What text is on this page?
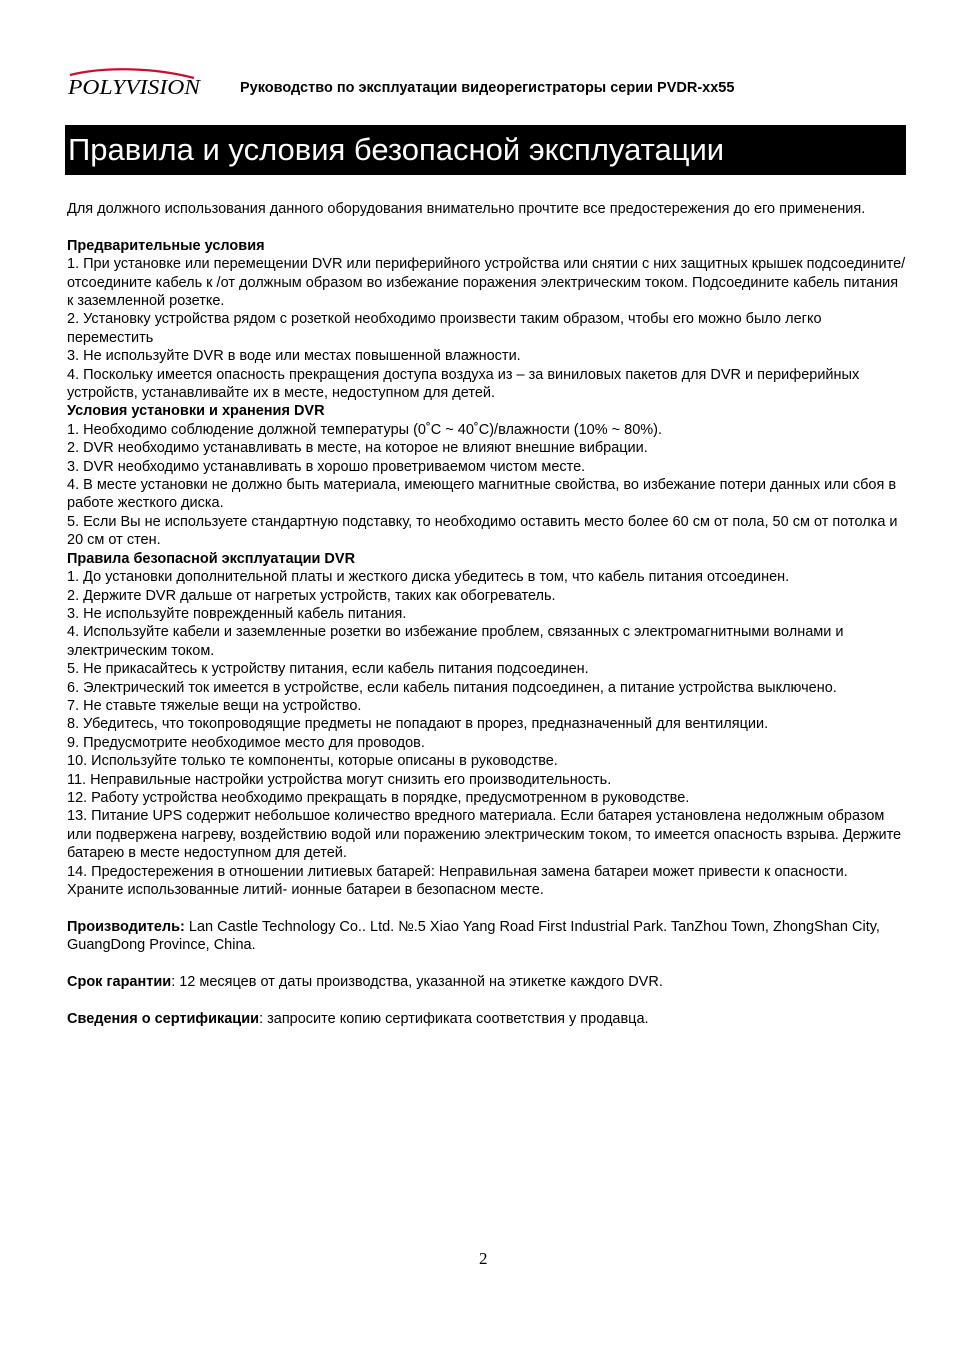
POLYVISION	Руководство по эксплуатации видеорегистраторы серии PVDR-xx55
Правила и условия безопасной эксплуатации

Для должного использования данного оборудования внимательно прочтите все предостережения до его применения.

Предварительные условия

1. При установке или перемещении DVR или периферийного устройства или снятии с них защитных крышек подсоедините/отсоедините кабель к /от должным образом во избежание поражения электрическим током. Подсоедините кабель питания к заземленной розетке.

2. Установку устройства рядом с розеткой необходимо произвести таким образом, чтобы его можно было легко переместить

3. Не используйте DVR в воде или местах повышенной влажности.

4. Поскольку имеется опасность прекращения доступа воздуха из – за виниловых пакетов для DVR и периферийных устройств, устанавливайте их в месте, недоступном для детей.

Условия установки и хранения DVR

1. Необходимо соблюдение должной температуры (0˚C ~ 40˚C)/влажности (10% ~ 80%).

2. DVR необходимо устанавливать в месте, на которое не влияют внешние вибрации.

3. DVR необходимо устанавливать в хорошо проветриваемом чистом месте.

4. В месте установки не должно быть материала, имеющего магнитные свойства, во избежание потери данных или сбоя в работе жесткого диска.

5. Если Вы не используете стандартную подставку, то необходимо оставить место более 60 см от пола, 50 см от потолка и 20 см от стен.

Правила безопасной эксплуатации DVR

1. До установки дополнительной платы и жесткого диска убедитесь в том, что кабель питания отсоединен.

2. Держите DVR дальше от нагретых устройств, таких как обогреватель.

3. Не используйте поврежденный кабель питания.

4. Используйте кабели и заземленные розетки во избежание проблем, связанных с электромагнитными волнами и электрическим током.

5. Не прикасайтесь к устройству питания, если кабель питания подсоединен.

6. Электрический ток имеется в устройстве, если кабель питания подсоединен, а питание устройства выключено.

7. Не ставьте тяжелые вещи на устройство.

8. Убедитесь, что токопроводящие предметы не попадают в прорез, предназначенный для вентиляции.

9. Предусмотрите необходимое место для проводов.

10. Используйте только те компоненты, которые описаны в руководстве.

11. Неправильные настройки устройства могут снизить его производительность.

12. Работу устройства необходимо прекращать в порядке, предусмотренном в руководстве.

13. Питание UPS содержит небольшое количество вредного материала. Если батарея установлена недолжным образом или подвержена нагреву, воздействию водой или поражению электрическим током, то имеется опасность взрыва. Держите батарею в месте недоступном для детей.

14. Предостережения в отношении литиевых батарей: Неправильная замена батареи может привести к опасности. Храните использованные литий- ионные батареи в безопасном месте.

Производитель: Lan Castle Technology Co.. Ltd. №.5 Xiao Yang Road First Industrial Park. TanZhou Town, ZhongShan City, GuangDong Province, China.

Срок гарантии: 12 месяцев от даты производства, указанной на этикетке каждого DVR.

Сведения о сертификации: запросите копию сертификата соответствия у продавца.

2
